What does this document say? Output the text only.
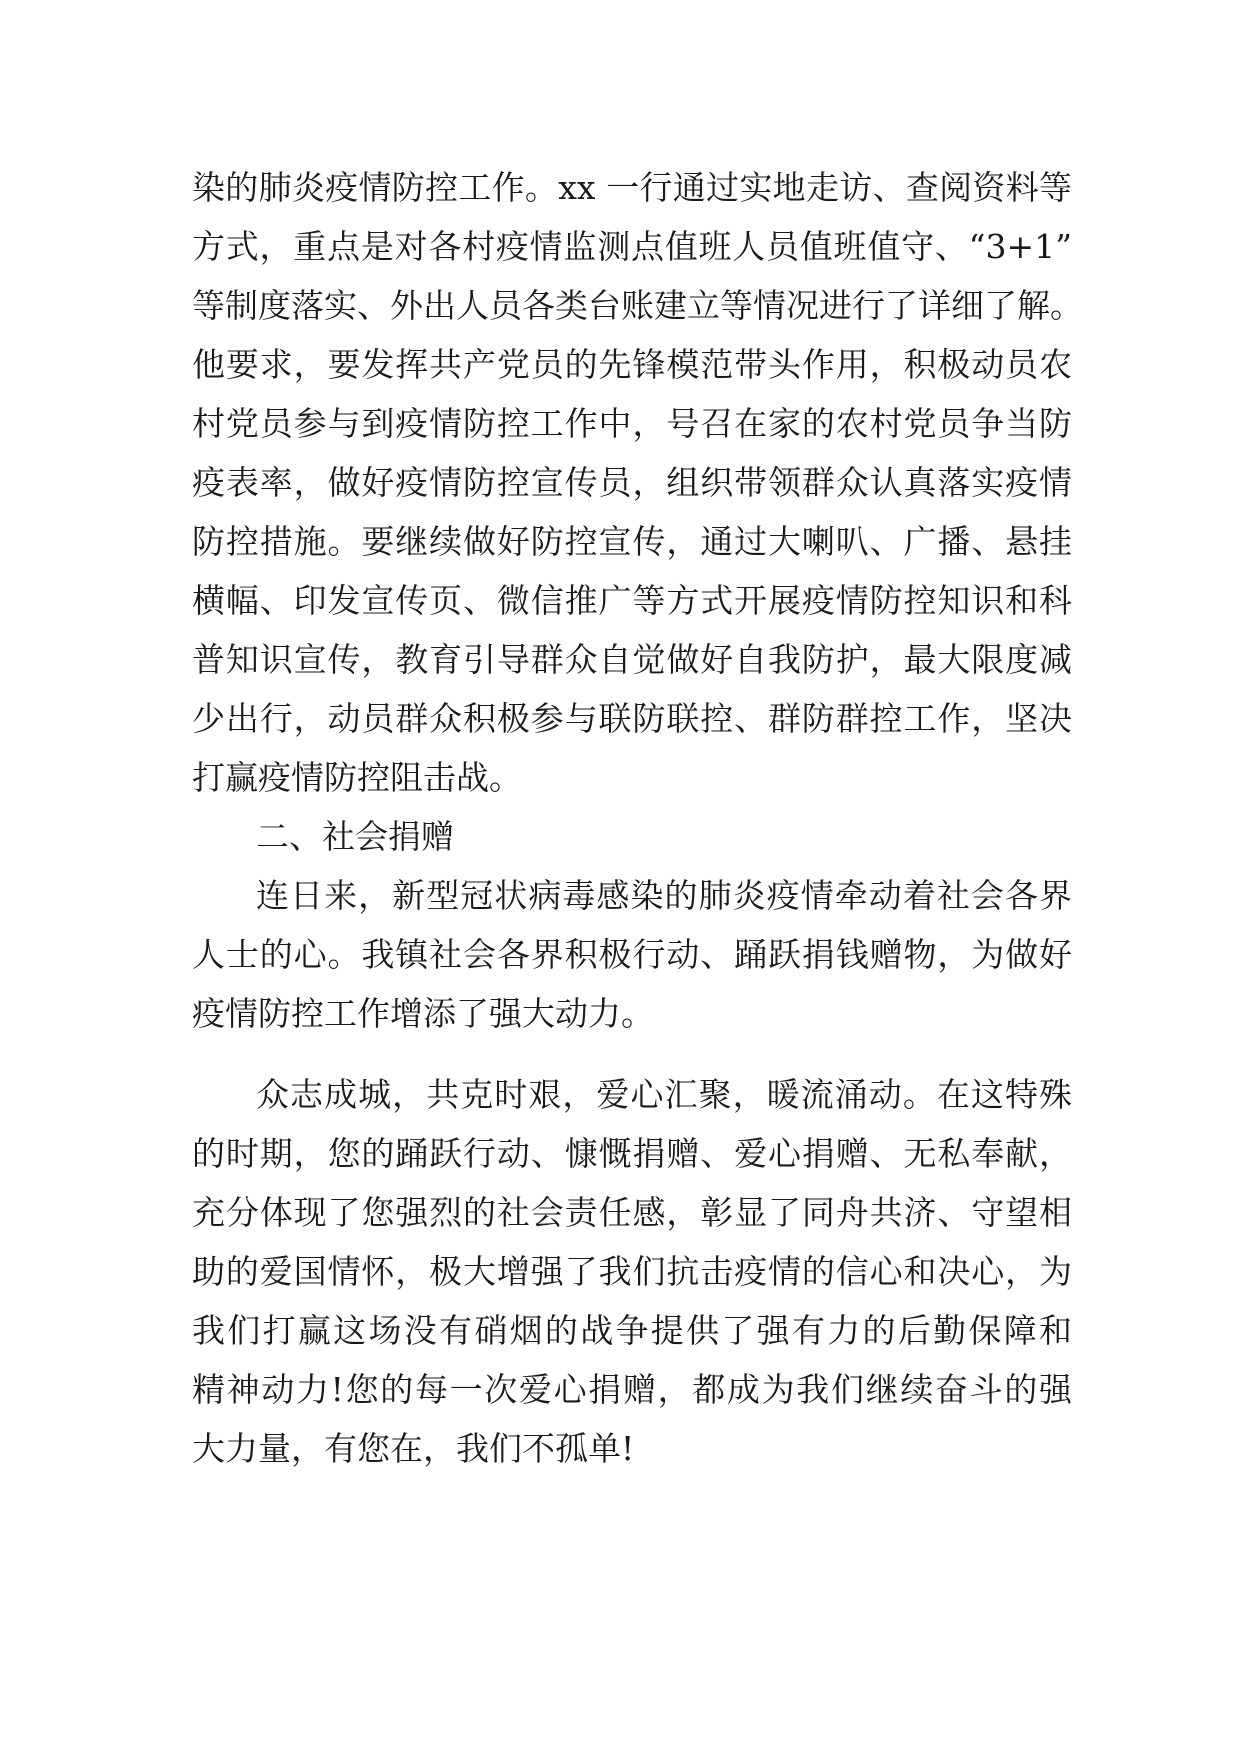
染的肺炎疫情防控工作。xx 一行通过实地走访、查阅资料等
方式，重点是对各村疫情监测点值班人员值班值守、“3+1”
等制度落实、外出人员各类台账建立等情况进行了详细了解。
他要求，要发挥共产党员的先锋模范带头作用，积极动员农
村党员参与到疫情防控工作中，号召在家的农村党员争当防
疫表率，做好疫情防控宣传员，组织带领群众认真落实疫情
防控措施。要继续做好防控宣传，通过大喇叭、广播、悬挂
横幅、印发宣传页、微信推广等方式开展疫情防控知识和科
普知识宣传，教育引导群众自觉做好自我防护，最大限度减
少出行，动员群众积极参与联防联控、群防群控工作，坚决
打赢疫情防控阻击战。
二、社会捐赠
连日来，新型冠状病毒感染的肺炎疫情牵动着社会各界
人士的心。我镇社会各界积极行动、踊跃捐钱赠物，为做好
疫情防控工作增添了强大动力。
众志成城，共克时艰，爱心汇聚，暖流涌动。在这特殊
的时期，您的踊跃行动、慷慨捐赠、爱心捐赠、无私奉献，
充分体现了您强烈的社会责任感，彰显了同舟共济、守望相
助的爱国情怀，极大增强了我们抗击疫情的信心和决心，为
我们打赢这场没有硝烟的战争提供了强有力的后勤保障和
精神动力!您的每一次爱心捐赠，都成为我们继续奋斗的强
大力量，有您在，我们不孤单!
